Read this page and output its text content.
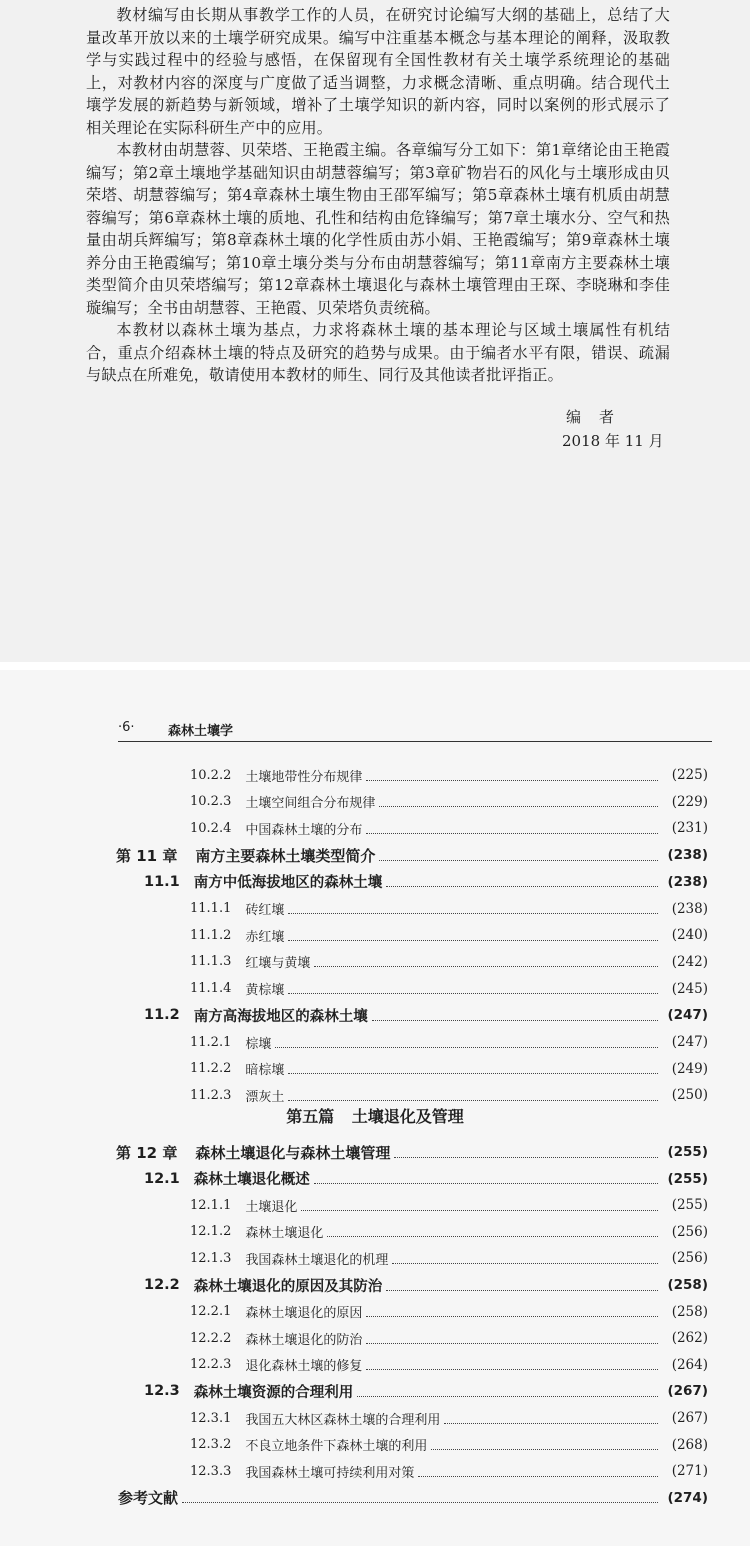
教材编写由长期从事教学工作的人员，在研究讨论编写大纲的基础上，总结了大量改革开放以来的土壤学研究成果。编写中注重基本概念与基本理论的阐释，汲取教学与实践过程中的经验与感悟，在保留现有全国性教材有关土壤学系统理论的基础上，对教材内容的深度与广度做了适当调整，力求概念清晰、重点明确。结合现代土壤学发展的新趋势与新领域，增补了土壤学知识的新内容，同时以案例的形式展示了相关理论在实际科研生产中的应用。

本教材由胡慧蓉、贝荣塔、王艳霞主编。各章编写分工如下：第1章绪论由王艳霞编写；第2章土壤地学基础知识由胡慧蓉编写；第3章矿物岩石的风化与土壤形成由贝荣塔、胡慧蓉编写；第4章森林土壤生物由王邵军编写；第5章森林土壤有机质由胡慧蓉编写；第6章森林土壤的质地、孔性和结构由危锋编写；第7章土壤水分、空气和热量由胡兵辉编写；第8章森林土壤的化学性质由苏小娟、王艳霞编写；第9章森林土壤养分由王艳霞编写；第10章土壤分类与分布由胡慧蓉编写；第11章南方主要森林土壤类型简介由贝荣塔编写；第12章森林土壤退化与森林土壤管理由王琛、李晓琳和李佳璇编写；全书由胡慧蓉、王艳霞、贝荣塔负责统稿。

本教材以森林土壤为基点，力求将森林土壤的基本理论与区域土壤属性有机结合，重点介绍森林土壤的特点及研究的趋势与成果。由于编者水平有限，错误、疏漏与缺点在所难免，敬请使用本教材的师生、同行及其他读者批评指正。

编者
2018 年 11 月
·6·	森林土壤学
10.2.2 土壤地带性分布规律	(225)
10.2.3 土壤空间组合分布规律	(229)
10.2.4 中国森林土壤的分布	(231)
第 11 章 南方主要森林土壤类型简介	(238)
11.1 南方中低海拔地区的森林土壤	(238)
11.1.1 砖红壤	(238)
11.1.2 赤红壤	(240)
11.1.3 红壤与黄壤	(242)
11.1.4 黄棕壤	(245)
11.2 南方高海拔地区的森林土壤	(247)
11.2.1 棕壤	(247)
11.2.2 暗棕壤	(249)
11.2.3 漂灰土	(250)
第五篇 土壤退化及管理
第 12 章 森林土壤退化与森林土壤管理	(255)
12.1 森林土壤退化概述	(255)
12.1.1 土壤退化	(255)
12.1.2 森林土壤退化	(256)
12.1.3 我国森林土壤退化的机理	(256)
12.2 森林土壤退化的原因及其防治	(258)
12.2.1 森林土壤退化的原因	(258)
12.2.2 森林土壤退化的防治	(262)
12.2.3 退化森林土壤的修复	(264)
12.3 森林土壤资源的合理利用	(267)
12.3.1 我国五大林区森林土壤的合理利用	(267)
12.3.2 不良立地条件下森林土壤的利用	(268)
12.3.3 我国森林土壤可持续利用对策	(271)
参考文献	(274)
